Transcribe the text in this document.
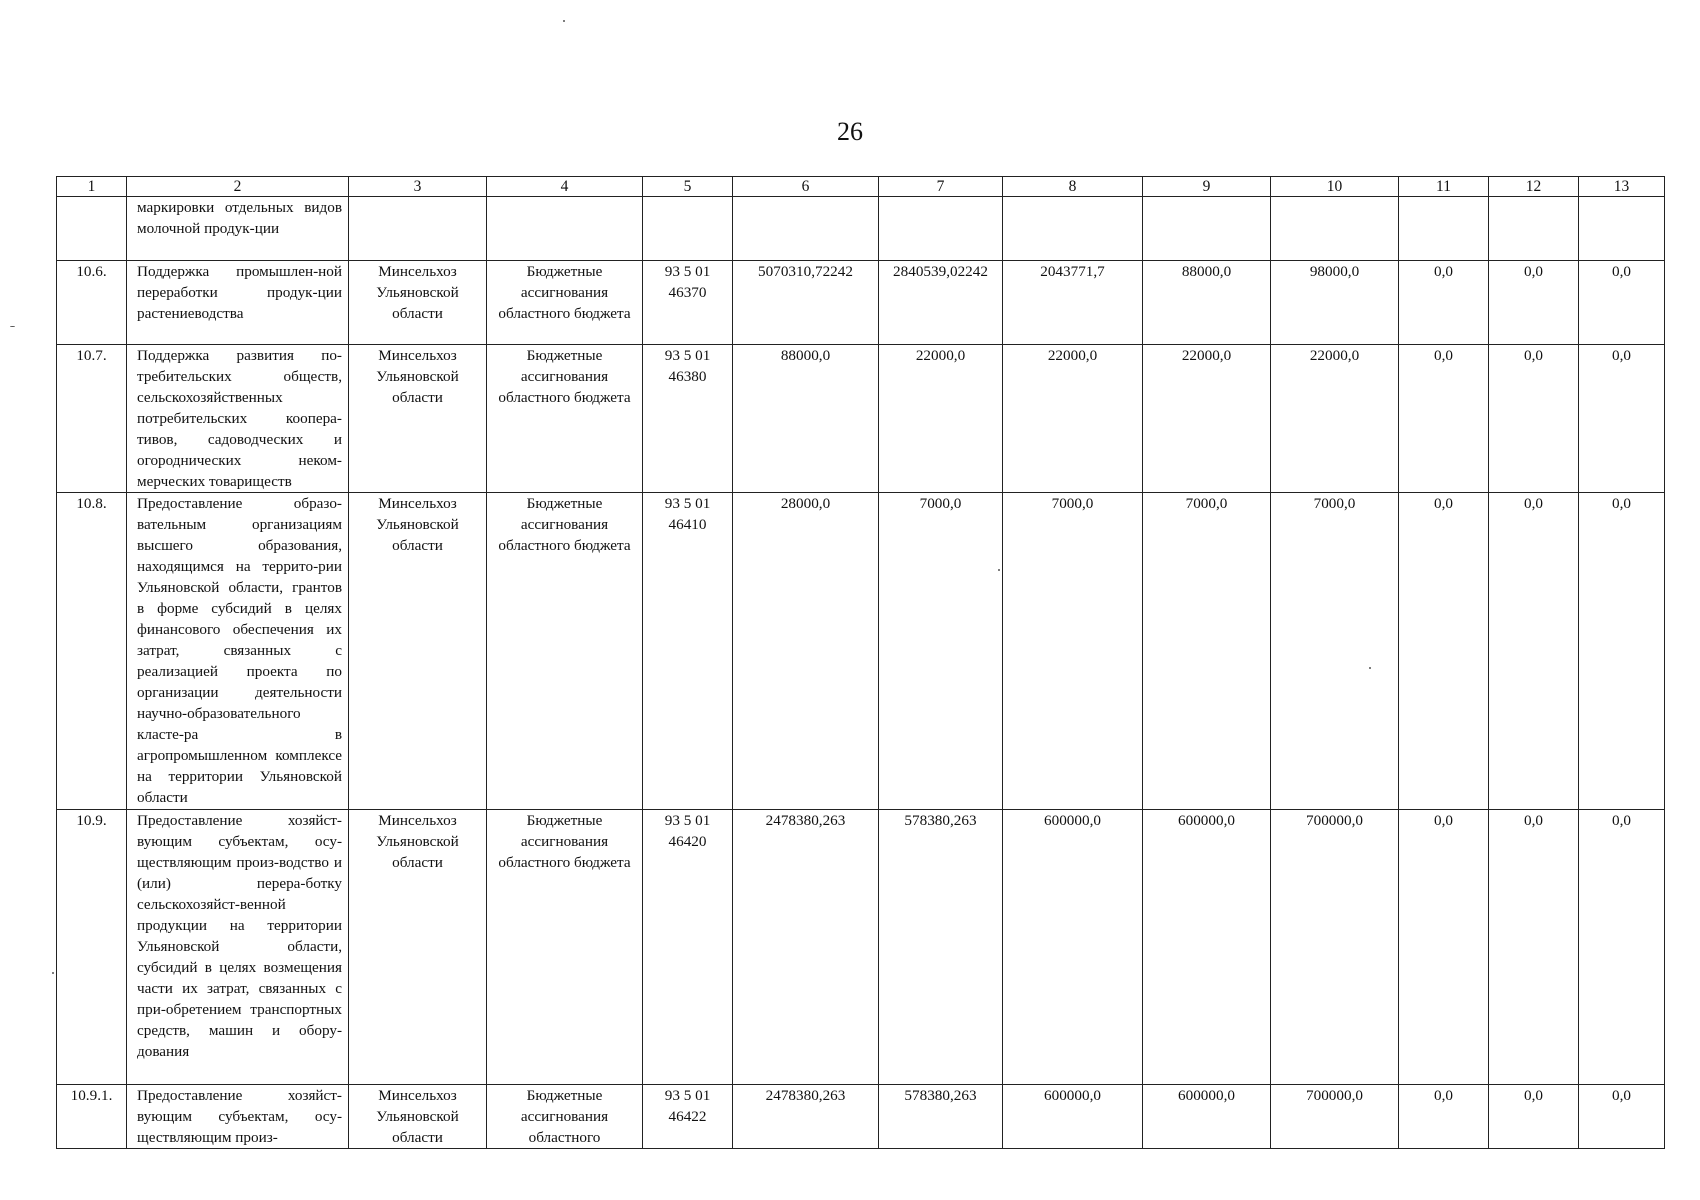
26
1	2	3	4	5	6	7	8	9	10	11	12	13
	маркировки отдельных видов молочной продук-ции											
10.6.	Поддержка промышлен-ной переработки продук-ции растениеводства	Минсельхоз Ульяновской области	Бюджетные ассигнования областного бюджета	93 5 01 46370	5070310,72242	2840539,02242	2043771,7	88000,0	98000,0	0,0	0,0	0,0
10.7.	Поддержка развития по-требительских обществ, сельскохозяйственных потребительских коопера-тивов, садоводческих и огороднических неком-мерческих товариществ	Минсельхоз Ульяновской области	Бюджетные ассигнования областного бюджета	93 5 01 46380	88000,0	22000,0	22000,0	22000,0	22000,0	0,0	0,0	0,0
10.8.	Предоставление образо-вательным организациям высшего образования, находящимся на террито-рии Ульяновской области, грантов в форме субсидий в целях финансового обеспечения их затрат, связанных с реализацией проекта по организации деятельности научно-образовательного класте-ра в агропромышленном комплексе на территории Ульяновской области	Минсельхоз Ульяновской области	Бюджетные ассигнования областного бюджета	93 5 01 46410	28000,0	7000,0	7000,0	7000,0	7000,0	0,0	0,0	0,0
10.9.	Предоставление хозяйст-вующим субъектам, осу-ществляющим произ-водство и (или) перера-ботку сельскохозяйст-венной продукции на территории Ульяновской области, субсидий в целях возмещения части их затрат, связанных с при-обретением транспортных средств, машин и обору-дования	Минсельхоз Ульяновской области	Бюджетные ассигнования областного бюджета	93 5 01 46420	2478380,263	578380,263	600000,0	600000,0	700000,0	0,0	0,0	0,0
10.9.1.	Предоставление хозяйст-вующим субъектам, осу-ществляющим произ-	Минсельхоз Ульяновской области	Бюджетные ассигнования областного	93 5 01 46422	2478380,263	578380,263	600000,0	600000,0	700000,0	0,0	0,0	0,0
